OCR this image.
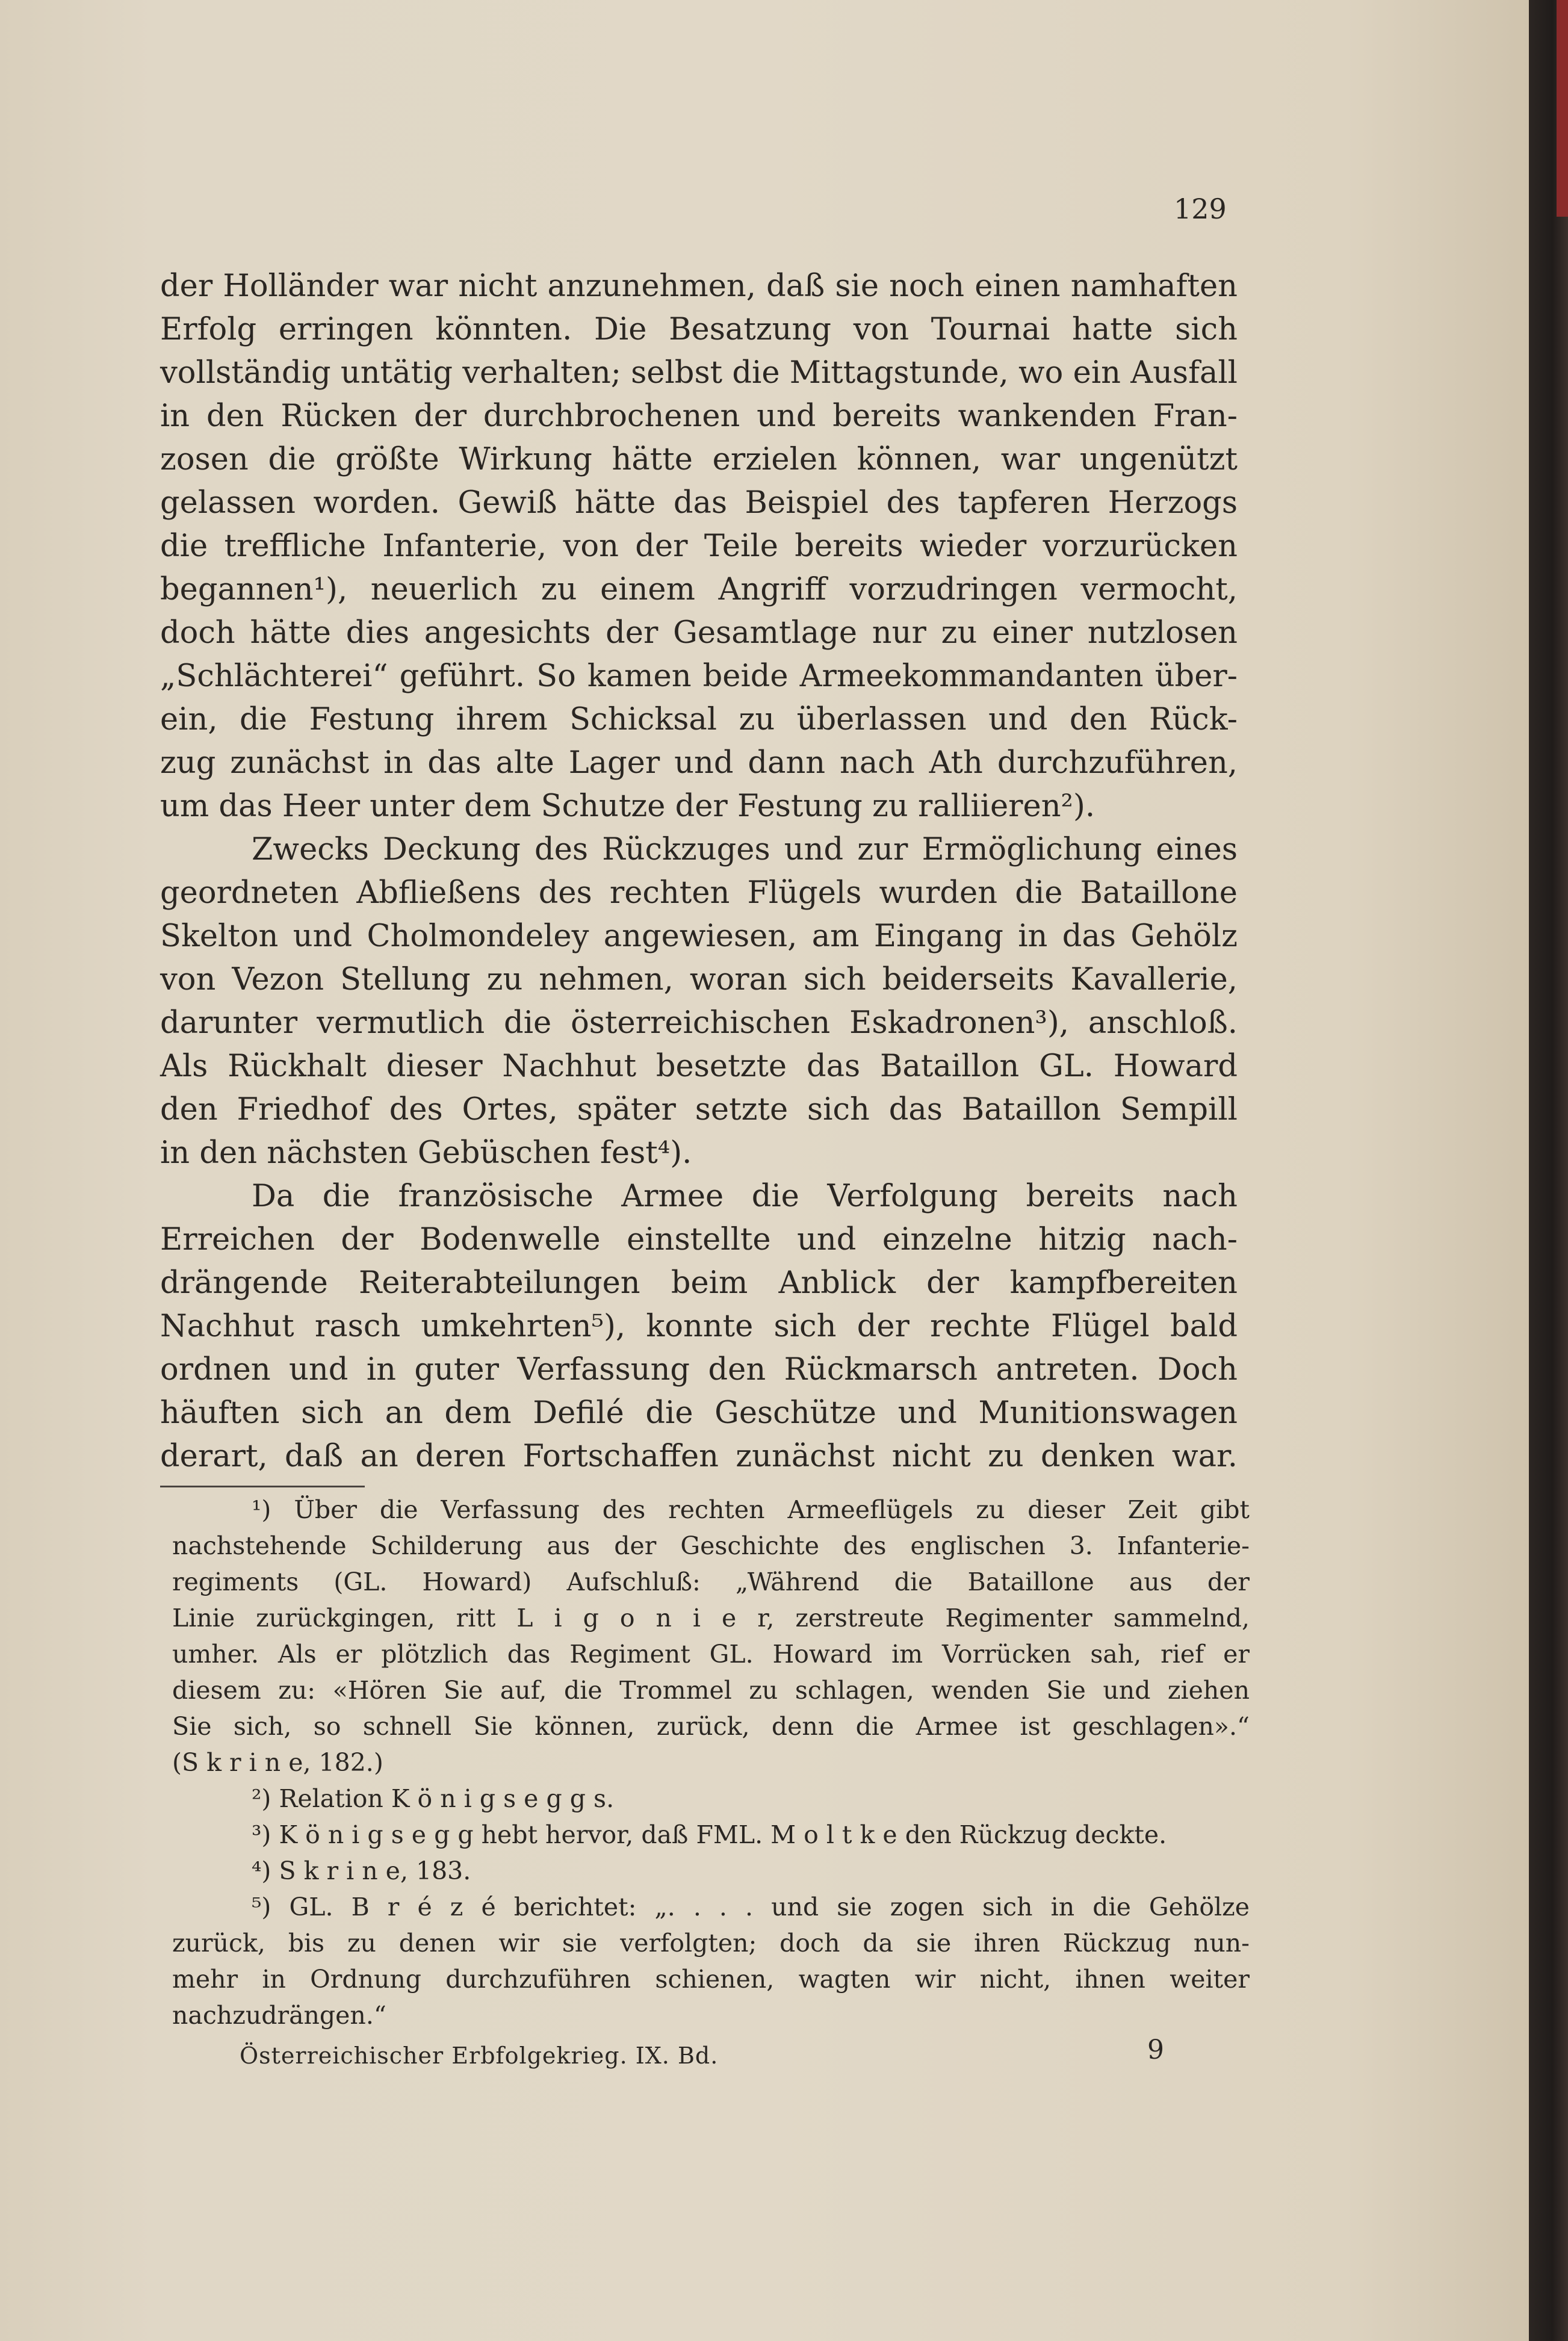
129
der Holländer war nicht anzunehmen, daß sie noch einen namhaften
Erfolg erringen könnten. Die Besatzung von Tournai hatte sich
vollständig untätig verhalten; selbst die Mittagstunde, wo ein Ausfall
in den Rücken der durchbrochenen und bereits wankenden Fran-
zosen die größte Wirkung hätte erzielen können, war ungenützt
gelassen worden. Gewiß hätte das Beispiel des tapferen Herzogs
die treffliche Infanterie, von der Teile bereits wieder vorzurücken
begannen¹), neuerlich zu einem Angriff vorzudringen vermocht,
doch hätte dies angesichts der Gesamtlage nur zu einer nutzlosen
„Schlächterei“ geführt. So kamen beide Armeekommandanten über-
ein, die Festung ihrem Schicksal zu überlassen und den Rück-
zug zunächst in das alte Lager und dann nach Ath durchzuführen,
um das Heer unter dem Schutze der Festung zu ralliieren²).
Zwecks Deckung des Rückzuges und zur Ermöglichung eines
geordneten Abfließens des rechten Flügels wurden die Bataillone
Skelton und Cholmondeley angewiesen, am Eingang in das Gehölz
von Vezon Stellung zu nehmen, woran sich beiderseits Kavallerie,
darunter vermutlich die österreichischen Eskadronen³), anschloß.
Als Rückhalt dieser Nachhut besetzte das Bataillon GL. Howard
den Friedhof des Ortes, später setzte sich das Bataillon Sempill
in den nächsten Gebüschen fest⁴).
Da die französische Armee die Verfolgung bereits nach
Erreichen der Bodenwelle einstellte und einzelne hitzig nach-
drängende Reiterabteilungen beim Anblick der kampfbereiten
Nachhut rasch umkehrten⁵), konnte sich der rechte Flügel bald
ordnen und in guter Verfassung den Rückmarsch antreten. Doch
häuften sich an dem Defilé die Geschütze und Munitionswagen
derart, daß an deren Fortschaffen zunächst nicht zu denken war.
¹) Über die Verfassung des rechten Armeeflügels zu dieser Zeit gibt
nachstehende Schilderung aus der Geschichte des englischen 3. Infanterie-
regiments (GL. Howard) Aufschluß: „Während die Bataillone aus der
Linie zurückgingen, ritt L i g o n i e r, zerstreute Regimenter sammelnd,
umher. Als er plötzlich das Regiment GL. Howard im Vorrücken sah, rief er
diesem zu: «Hören Sie auf, die Trommel zu schlagen, wenden Sie und ziehen
Sie sich, so schnell Sie können, zurück, denn die Armee ist geschlagen».“
(S k r i n e, 182.)
²) Relation K ö n i g s e g g s.
³) K ö n i g s e g g hebt hervor, daß FML. M o l t k e den Rückzug deckte.
⁴) S k r i n e, 183.
⁵) GL. B r é z é berichtet: „. . . . und sie zogen sich in die Gehölze
zurück, bis zu denen wir sie verfolgten; doch da sie ihren Rückzug nun-
mehr in Ordnung durchzuführen schienen, wagten wir nicht, ihnen weiter
nachzudrängen.“
Österreichischer Erbfolgekrieg. IX. Bd.	9
